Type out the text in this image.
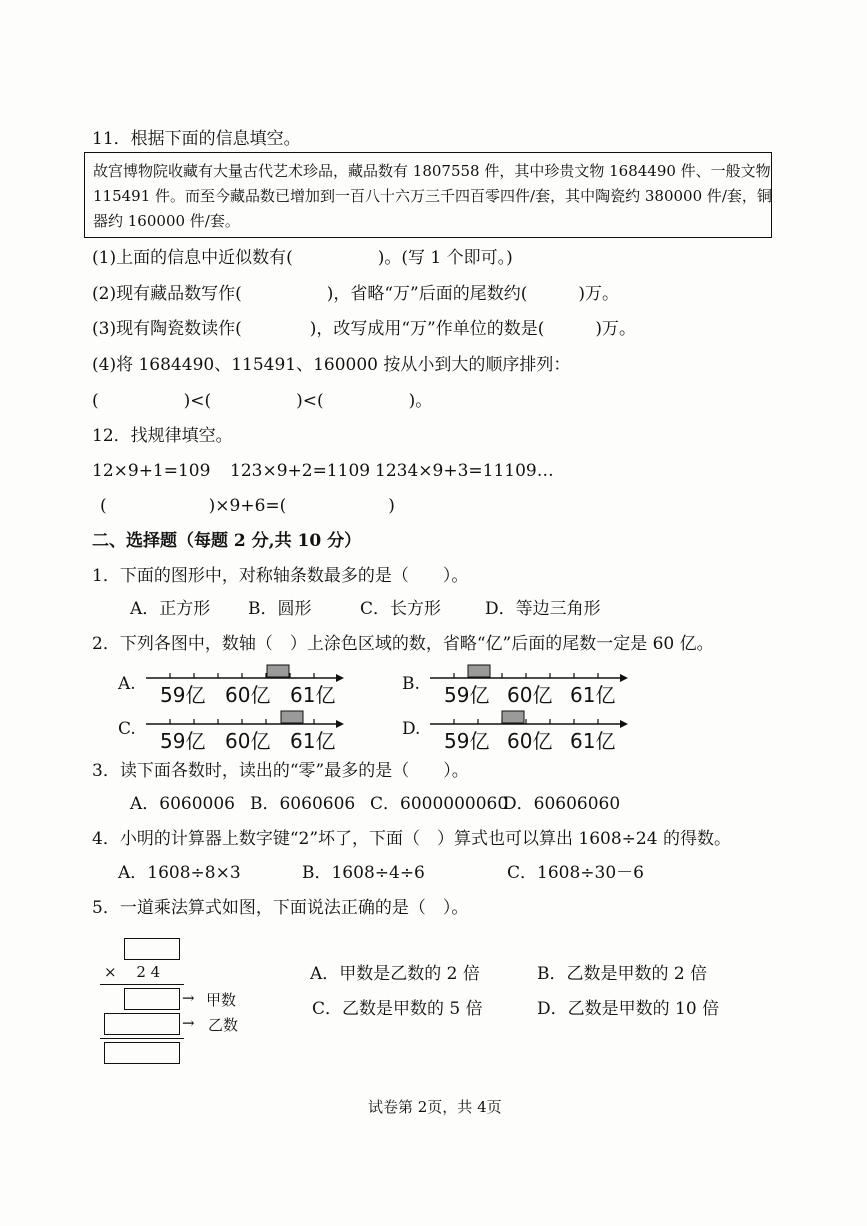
11．根据下面的信息填空。
故宫博物院收藏有大量古代艺术珍品，藏品数有 1807558 件，其中珍贵文物 1684490 件、一般文物
115491 件。而至今藏品数已增加到一百八十六万三千四百零四件/套，其中陶瓷约 380000 件/套，铜
器约 160000 件/套。
(1)上面的信息中近似数有(　　　　　)。(写 1 个即可。)
(2)现有藏品数写作(　　　　　)，省略“万”后面的尾数约(　　　)万。
(3)现有陶瓷数读作(　　　　)，改写成用“万”作单位的数是(　　　)万。
(4)将 1684490、115491、160000 按从小到大的顺序排列：
(　　　　　)<(　　　　　)<(　　　　　)。
12．找规律填空。
12×9+1=109 123×9+2=1109 1234×9+3=11109…
(　　　　　　)×9+6=(　　　　　　)
二、选择题（每题 2 分,共 10 分）
1．下面的图形中，对称轴条数最多的是（　　）。
A．正方形 B．圆形	C．长方形	D．等边三角形
2．下列各图中，数轴（　）上涂色区域的数，省略“亿”后面的尾数一定是 60 亿。
A. 59亿 60亿 61亿	B. 59亿 60亿 61亿
C. 59亿 60亿 61亿	D. 59亿 60亿 61亿
3．读下面各数时，读出的“零”最多的是（　　）。
A．6060006 B．6060606 C．6000000060
D．60606060
4．小明的计算器上数字键“2”坏了，下面（　）算式也可以算出 1608÷24 的得数。
A．1608÷8×3	B．1608÷4÷6	C．1608÷30－6
5．一道乘法算式如图，下面说法正确的是（　）。
×　 2 4
→ 甲数
→ 乙数
A．甲数是乙数的 2 倍	B．乙数是甲数的 2 倍
C．乙数是甲数的 5 倍	D．乙数是甲数的 10 倍
试卷第 2页，共 4页
